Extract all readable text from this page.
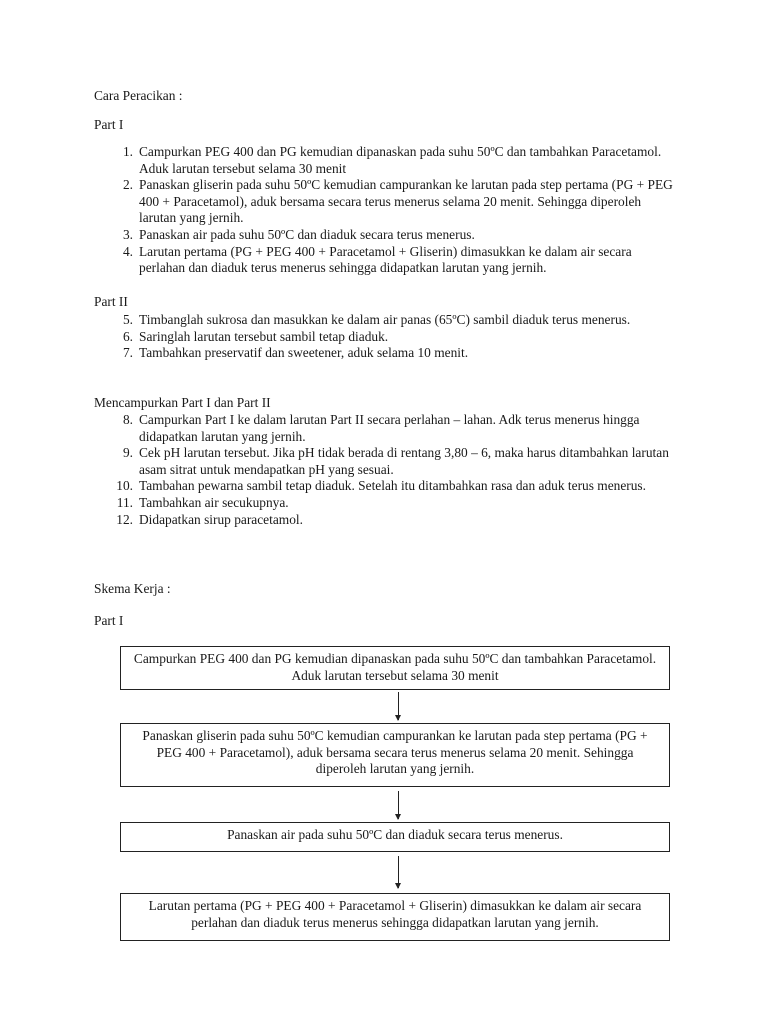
Cara Peracikan :
Part I
1. Campurkan PEG 400 dan PG kemudian dipanaskan pada suhu 50ºC dan tambahkan Paracetamol. Aduk larutan tersebut selama 30 menit
2. Panaskan gliserin pada suhu 50ºC kemudian campurankan ke larutan pada step pertama (PG + PEG 400 + Paracetamol), aduk bersama secara terus menerus selama 20 menit. Sehingga diperoleh larutan yang jernih.
3. Panaskan air pada suhu 50ºC dan diaduk secara terus menerus.
4. Larutan pertama (PG + PEG 400 + Paracetamol + Gliserin) dimasukkan ke dalam air secara perlahan dan diaduk terus menerus sehingga didapatkan larutan yang jernih.
Part II
5. Timbanglah sukrosa dan masukkan ke dalam air panas (65ºC) sambil diaduk terus menerus.
6. Saringlah larutan tersebut sambil tetap diaduk.
7. Tambahkan preservatif dan sweetener, aduk selama 10 menit.
Mencampurkan Part I dan Part II
8. Campurkan Part I ke dalam larutan Part II secara perlahan – lahan. Adk terus menerus hingga didapatkan larutan yang jernih.
9. Cek pH larutan tersebut. Jika pH tidak berada di rentang 3,80 – 6, maka harus ditambahkan larutan asam sitrat untuk mendapatkan pH yang sesuai.
10. Tambahan pewarna sambil tetap diaduk. Setelah itu ditambahkan rasa dan aduk terus menerus.
11. Tambahkan air secukupnya.
12. Didapatkan sirup paracetamol.
Skema Kerja :
Part I
Campurkan PEG 400 dan PG kemudian dipanaskan pada suhu 50ºC dan tambahkan Paracetamol. Aduk larutan tersebut selama 30 menit
Panaskan gliserin pada suhu 50ºC kemudian campurankan ke larutan pada step pertama (PG + PEG 400 + Paracetamol), aduk bersama secara terus menerus selama 20 menit. Sehingga diperoleh larutan yang jernih.
Panaskan air pada suhu 50ºC dan diaduk secara terus menerus.
Larutan pertama (PG + PEG 400 + Paracetamol + Gliserin) dimasukkan ke dalam air secara perlahan dan diaduk terus menerus sehingga didapatkan larutan yang jernih.
